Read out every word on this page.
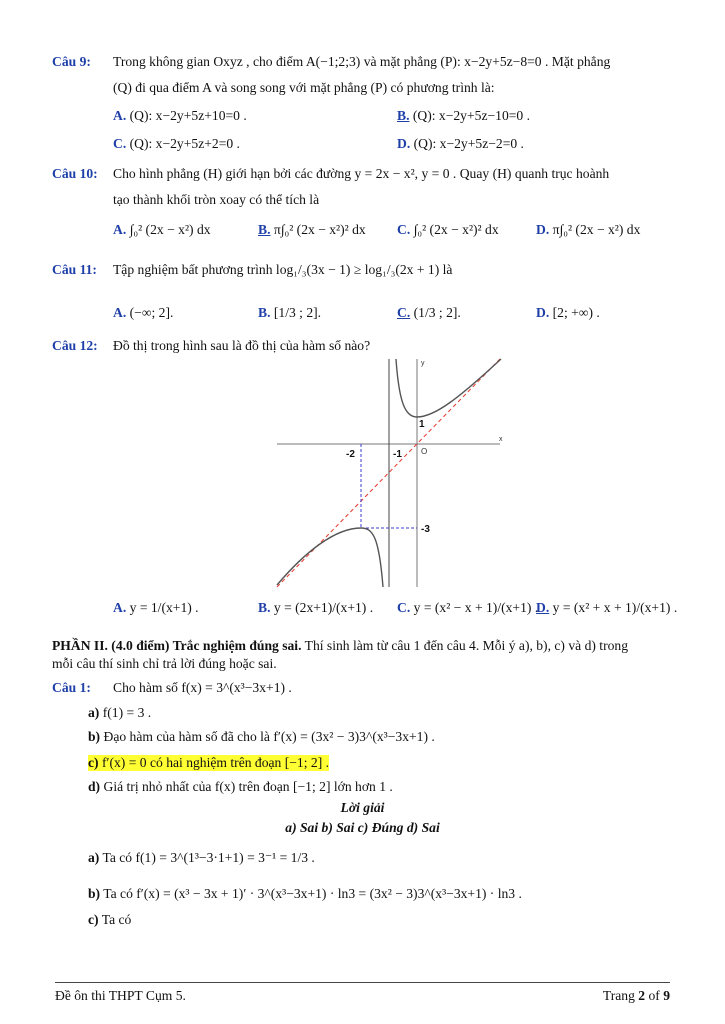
Câu 9: Trong không gian Oxyz , cho điểm A(−1;2;3) và mặt phẳng (P): x−2y+5z−8=0 . Mặt phẳng
(Q) đi qua điểm A và song song với mặt phẳng (P) có phương trình là:
A. (Q): x−2y+5z+10=0 .	B. (Q): x−2y+5z−10=0 .
C. (Q): x−2y+5z+2=0 .	D. (Q): x−2y+5z−2=0 .
Câu 10: Cho hình phẳng (H) giới hạn bởi các đường y = 2x − x², y = 0 . Quay (H) quanh trục hoành
tạo thành khối tròn xoay có thể tích là
A. ∫₀² (2x − x²) dx	B. π∫₀² (2x − x²)² dx C. ∫₀² (2x − x²)² dx	D. π∫₀² (2x − x²) dx
Câu 11: Tập nghiệm bất phương trình log₁/₃(3x − 1) ≥ log₁/₃(2x + 1) là
A. (−∞; 2].	B. [1/3 ; 2].	C. (1/3 ; 2].	D. [2; +∞) .
Câu 12: Đồ thị trong hình sau là đồ thị của hàm số nào?
x
y
O
-2	-1
1
-3
A. y = 1/(x+1) .	B. y = (2x+1)/(x+1) . C. y = (x² − x + 1)/(x+1) .
D. y = (x² + x + 1)/(x+1) .
PHẦN II. (4.0 điểm) Trắc nghiệm đúng sai. Thí sinh làm từ câu 1 đến câu 4. Mỗi ý a), b), c) và d) trong
mỗi câu thí sinh chỉ trả lời đúng hoặc sai.
Câu 1: Cho hàm số f(x) = 3^(x³−3x+1) .
a) f(1) = 3 .
b) Đạo hàm của hàm số đã cho là f′(x) = (3x² − 3)3^(x³−3x+1) .
c) f′(x) = 0 có hai nghiệm trên đoạn [−1; 2] .
d) Giá trị nhỏ nhất của f(x) trên đoạn [−1; 2] lớn hơn 1 .
Lời giải
a) Sai b) Sai c) Đúng d) Sai
a) Ta có f(1) = 3^(1³−3·1+1) = 3⁻¹ = 1/3 .
b) Ta có f′(x) = (x³ − 3x + 1)′ · 3^(x³−3x+1) · ln3 = (3x² − 3)3^(x³−3x+1) · ln3 .
c) Ta có
Đề ôn thi THPT Cụm 5.	Trang 2 of 9
